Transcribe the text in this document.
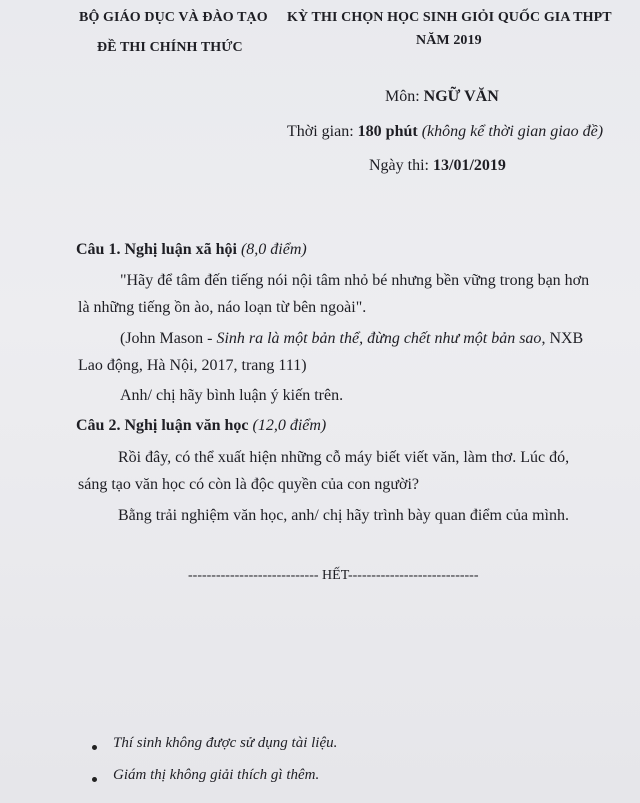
BỘ GIÁO DỤC VÀ ĐÀO TẠO
ĐỀ THI CHÍNH THỨC
KỲ THI CHỌN HỌC SINH GIỎI QUỐC GIA THPT
NĂM 2019
Môn: NGỮ VĂN
Thời gian: 180 phút (không kể thời gian giao đề)
Ngày thi: 13/01/2019
Câu 1. Nghị luận xã hội (8,0 điểm)
"Hãy để tâm đến tiếng nói nội tâm nhỏ bé nhưng bền vững trong bạn hơn
là những tiếng ồn ào, náo loạn từ bên ngoài".
(John Mason - Sinh ra là một bản thể, đừng chết như một bản sao, NXB
Lao động, Hà Nội, 2017, trang 111)
Anh/ chị hãy bình luận ý kiến trên.
Câu 2. Nghị luận văn học (12,0 điểm)
Rồi đây, có thể xuất hiện những cỗ máy biết viết văn, làm thơ. Lúc đó,
sáng tạo văn học có còn là độc quyền của con người?
Bằng trải nghiệm văn học, anh/ chị hãy trình bày quan điểm của mình.
---------------------------- HẾT----------------------------
Thí sinh không được sử dụng tài liệu.
Giám thị không giải thích gì thêm.
